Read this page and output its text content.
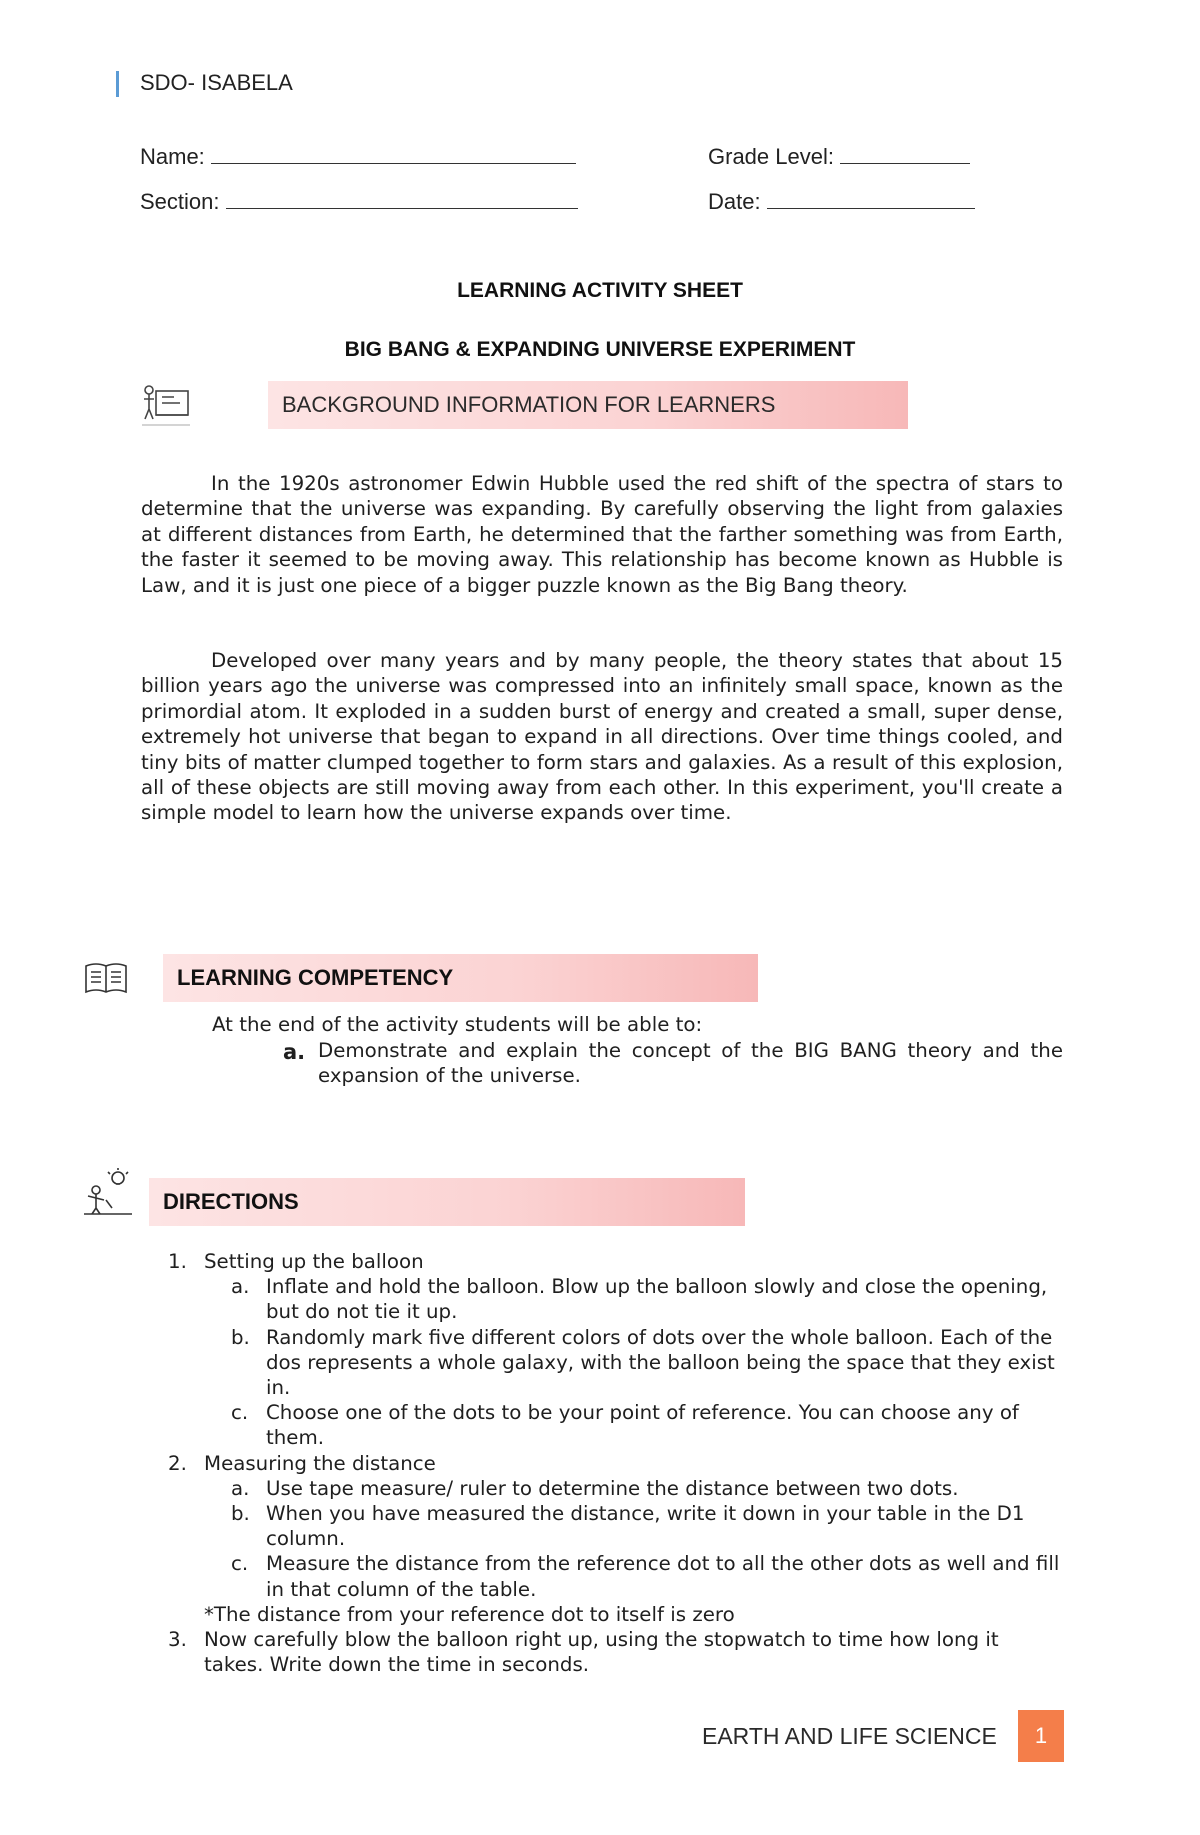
SDO- ISABELA
Name:	Grade Level:
Section:	Date:
LEARNING ACTIVITY SHEET
BIG BANG & EXPANDING UNIVERSE EXPERIMENT
BACKGROUND INFORMATION FOR LEARNERS
In the 1920s astronomer Edwin Hubble used the red shift of the spectra of stars to determine that the universe was expanding. By carefully observing the light from galaxies at different distances from Earth, he determined that the farther something was from Earth, the faster it seemed to be moving away. This relationship has become known as Hubble is Law, and it is just one piece of a bigger puzzle known as the Big Bang theory.
Developed over many years and by many people, the theory states that about 15 billion years ago the universe was compressed into an infinitely small space, known as the primordial atom. It exploded in a sudden burst of energy and created a small, super dense, extremely hot universe that began to expand in all directions. Over time things cooled, and tiny bits of matter clumped together to form stars and galaxies. As a result of this explosion, all of these objects are still moving away from each other. In this experiment, you'll create a simple model to learn how the universe expands over time.
LEARNING COMPETENCY
At the end of the activity students will be able to:
a. Demonstrate and explain the concept of the BIG BANG theory and the expansion of the universe.
DIRECTIONS
1. Setting up the balloon
a. Inflate and hold the balloon. Blow up the balloon slowly and close the opening, but do not tie it up.
b. Randomly mark five different colors of dots over the whole balloon. Each of the dos represents a whole galaxy, with the balloon being the space that they exist in.
c. Choose one of the dots to be your point of reference. You can choose any of them.
2. Measuring the distance
a. Use tape measure/ ruler to determine the distance between two dots.
b. When you have measured the distance, write it down in your table in the D1 column.
c. Measure the distance from the reference dot to all the other dots as well and fill in that column of the table.
*The distance from your reference dot to itself is zero
3. Now carefully blow the balloon right up, using the stopwatch to time how long it takes. Write down the time in seconds.
EARTH AND LIFE SCIENCE	1
